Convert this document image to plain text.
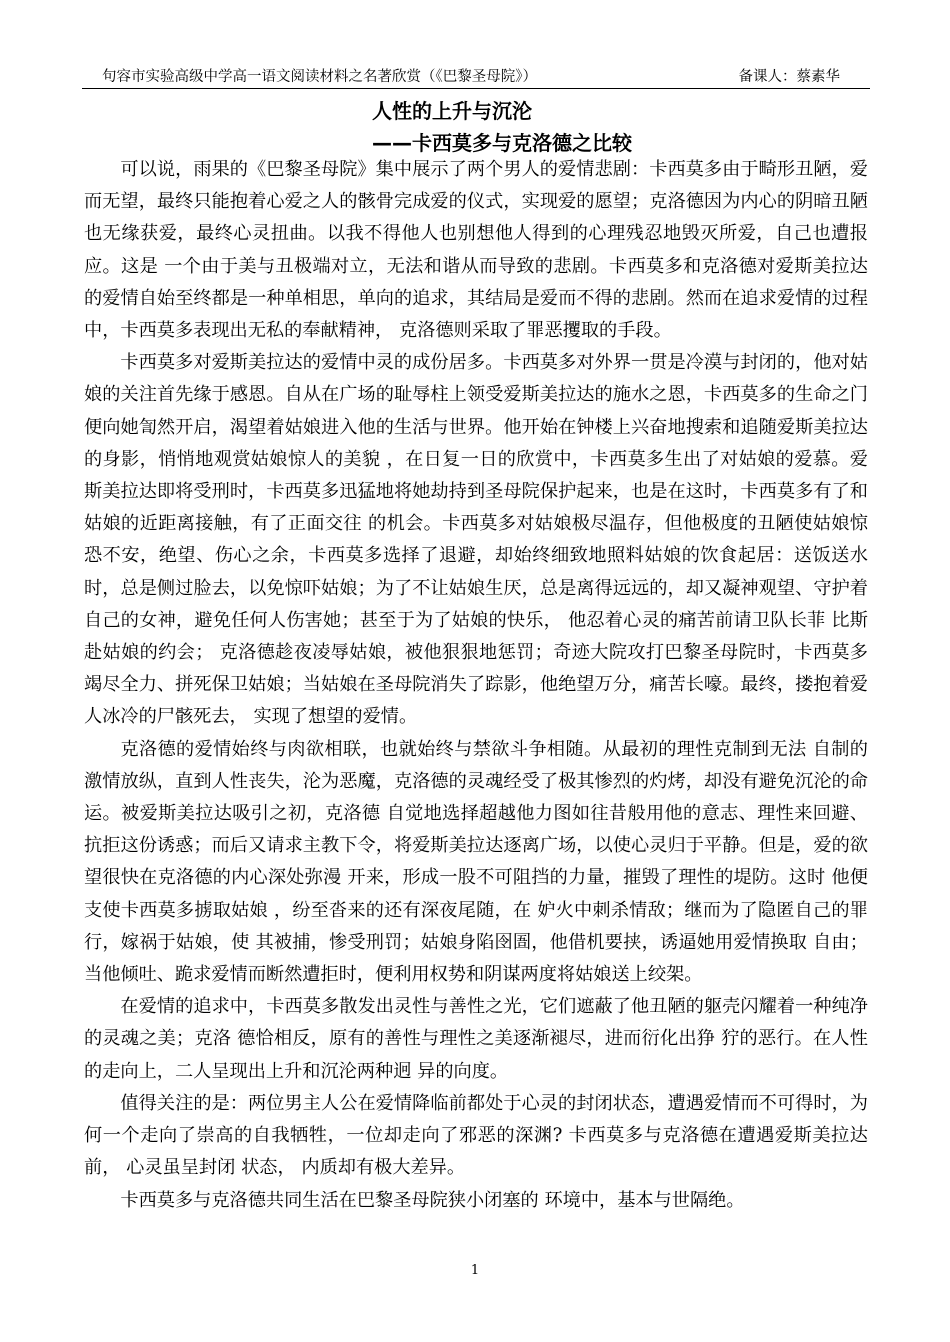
句容市实验高级中学高一语文阅读材料之名著欣赏（《巴黎圣母院》）	备课人：蔡素华
人性的上升与沉沦
——卡西莫多与克洛德之比较

可以说，雨果的《巴黎圣母院》集中展示了两个男人的爱情悲剧：卡西莫多由于畸形丑陋，爱而无望，最终只能抱着心爱之人的骸骨完成爱的仪式，实现爱的愿望；克洛德因为内心的阴暗丑陋也无缘获爱，最终心灵扭曲。以我不得他人也别想他人得到的心理残忍地毁灭所爱，自己也遭报应。这是 一个由于美与丑极端对立，无法和谐从而导致的悲剧。卡西莫多和克洛德对爱斯美拉达的爱情自始至终都是一种单相思，单向的追求，其结局是爱而不得的悲剧。然而在追求爱情的过程中，卡西莫多表现出无私的奉献精神， 克洛德则采取了罪恶攫取的手段。

卡西莫多对爱斯美拉达的爱情中灵的成份居多。卡西莫多对外界一贯是冷漠与封闭的，他对姑娘的关注首先缘于感恩。自从在广场的耻辱柱上领受爱斯美拉达的施水之恩，卡西莫多的生命之门便向她訇然开启，渴望着姑娘进入他的生活与世界。他开始在钟楼上兴奋地搜索和追随爱斯美拉达的身影，悄悄地观赏姑娘惊人的美貌 ，在日复一日的欣赏中，卡西莫多生出了对姑娘的爱慕。爱斯美拉达即将受刑时，卡西莫多迅猛地将她劫持到圣母院保护起来，也是在这时，卡西莫多有了和姑娘的近距离接触，有了正面交往 的机会。卡西莫多对姑娘极尽温存，但他极度的丑陋使姑娘惊恐不安，绝望、伤心之余，卡西莫多选择了退避，却始终细致地照料姑娘的饮食起居：送饭送水时，总是侧过脸去，以免惊吓姑娘；为了不让姑娘生厌，总是离得远远的，却又凝神观望、守护着自己的女神，避免任何人伤害她；甚至于为了姑娘的快乐， 他忍着心灵的痛苦前请卫队长菲 比斯赴姑娘的约会； 克洛德趁夜凌辱姑娘，被他狠狠地惩罚；奇迹大院攻打巴黎圣母院时，卡西莫多竭尽全力、拼死保卫姑娘；当姑娘在圣母院消失了踪影，他绝望万分，痛苦长嚎。最终，搂抱着爱人冰冷的尸骸死去， 实现了想望的爱情。

克洛德的爱情始终与肉欲相联，也就始终与禁欲斗争相随。从最初的理性克制到无法 自制的激情放纵，直到人性丧失，沦为恶魔，克洛德的灵魂经受了极其惨烈的灼烤，却没有避免沉沦的命运。被爱斯美拉达吸引之初，克洛德 自觉地选择超越他力图如往昔般用他的意志、理性来回避、抗拒这份诱惑；而后又请求主教下令，将爱斯美拉达逐离广场，以使心灵归于平静。但是，爱的欲望很快在克洛德的内心深处弥漫 开来，形成一股不可阻挡的力量，摧毁了理性的堤防。这时 他便支使卡西莫多掳取姑娘 ，纷至沓来的还有深夜尾随，在 妒火中刺杀情敌；继而为了隐匿自己的罪行，嫁祸于姑娘，使 其被捕，惨受刑罚；姑娘身陷囹圄，他借机要挟，诱逼她用爱情换取 自由；当他倾吐、跪求爱情而断然遭拒时，便利用权势和阴谋两度将姑娘送上绞架。

在爱情的追求中，卡西莫多散发出灵性与善性之光，它们遮蔽了他丑陋的躯壳闪耀着一种纯净的灵魂之美；克洛 德恰相反，原有的善性与理性之美逐渐褪尽，进而衍化出狰 狞的恶行。在人性的走向上，二人呈现出上升和沉沦两种迥 异的向度。

值得关注的是：两位男主人公在爱情降临前都处于心灵的封闭状态，遭遇爱情而不可得时，为何一个走向了崇高的自我牺牲，一位却走向了邪恶的深渊? 卡西莫多与克洛德在遭遇爱斯美拉达前， 心灵虽呈封闭 状态， 内质却有极大差异。

卡西莫多与克洛德共同生活在巴黎圣母院狭小闭塞的 环境中，基本与世隔绝。

1
